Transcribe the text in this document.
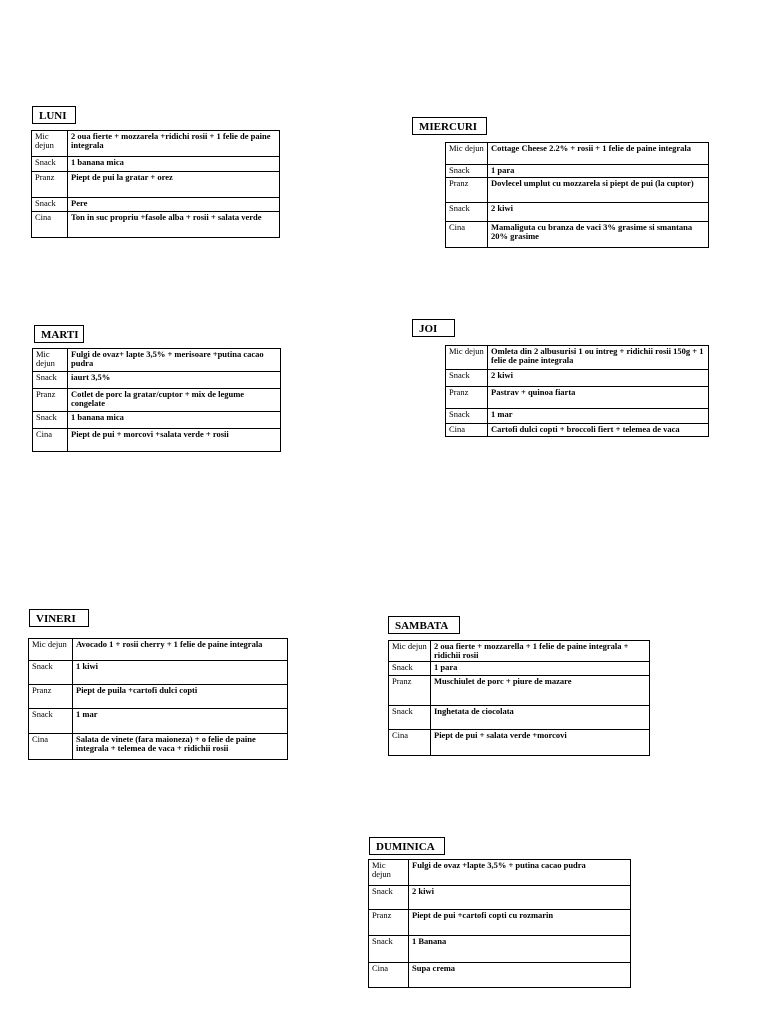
LUNI
Mic dejun	2 oua fierte + mozzarela +ridichi rosii + 1 felie de paine integrala
Snack	1 banana mica
Pranz	Piept de pui la gratar + orez
Snack	Pere
Cina	Ton in suc propriu +fasole alba + rosii + salata verde
MARTI
Mic dejun	Fulgi de ovaz+ lapte 3,5% + merisoare +putina cacao pudra
Snack	iaurt 3,5%
Pranz	Cotlet de porc la gratar/cuptor + mix de legume congelate
Snack	1 banana mica
Cina	Piept de pui + morcovi +salata verde + rosii
MIERCURI
Mic dejun	Cottage Cheese 2.2% + rosii + 1 felie de paine integrala
Snack	1 para
Pranz	Dovlecel umplut cu mozzarela si piept de pui (la cuptor)
Snack	2 kiwi
Cina	Mamaliguta cu branza de vaci 3% grasime si smantana 20% grasime
JOI
Mic dejun	Omleta din 2 albusurisi 1 ou intreg + ridichii rosii 150g + 1 felie de paine integrala
Snack	2 kiwi
Pranz	Pastrav + quinoa fiarta
Snack	1 mar
Cina	Cartofi dulci copti + broccoli fiert + telemea de vaca
VINERI
Mic dejun	Avocado 1 + rosii cherry + 1 felie de paine integrala
Snack	1 kiwi
Pranz	Piept de puila +cartofi dulci copti
Snack	1 mar
Cina	Salata de vinete (fara maioneza) + o felie de paine integrala + telemea de vaca + ridichii rosii
SAMBATA
Mic dejun	2 oua fierte + mozzarella + 1 felie de paine integrala + ridichii rosii
Snack	1 para
Pranz	Muschiulet de porc + piure de mazare
Snack	Inghetata de ciocolata
Cina	Piept de pui + salata verde +morcovi
DUMINICA
Mic dejun	Fulgi de ovaz +lapte 3,5% + putina cacao pudra
Snack	2 kiwi
Pranz	Piept de pui +cartofi copti cu rozmarin
Snack	1 Banana
Cina	Supa crema
